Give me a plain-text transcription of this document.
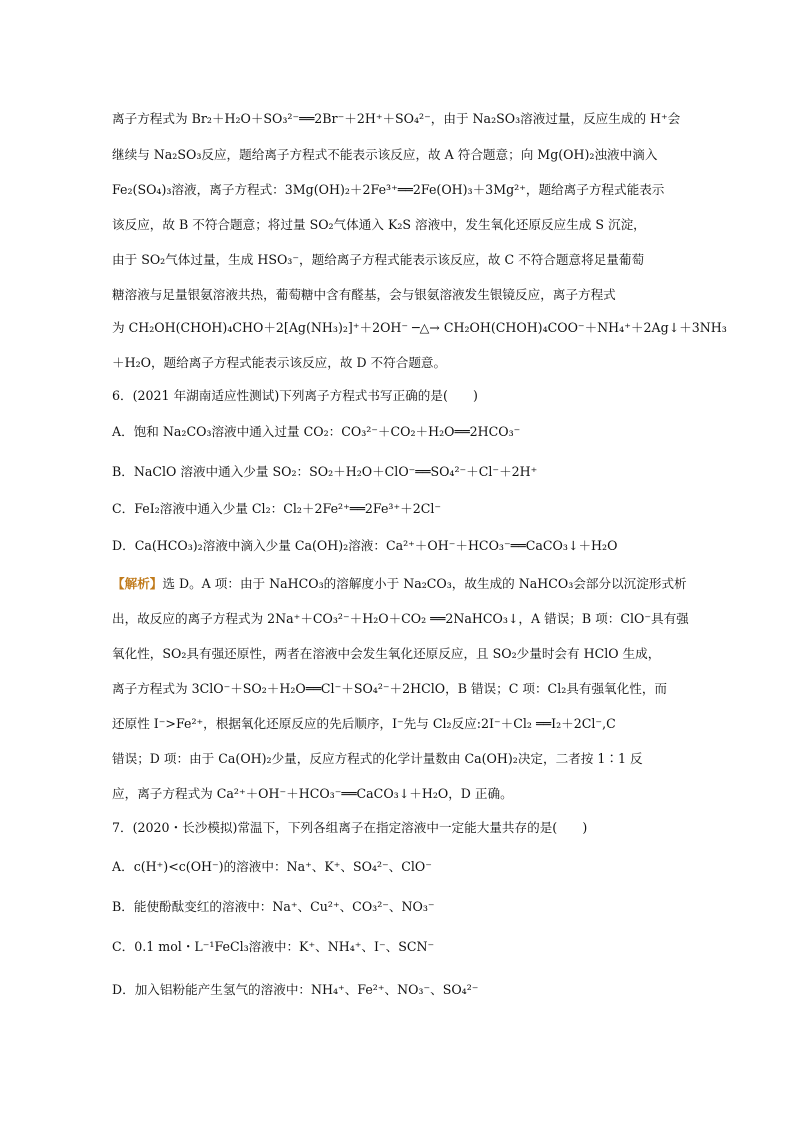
离子方程式为 Br₂＋H₂O＋SO₃²⁻══2Br⁻＋2H⁺＋SO₄²⁻，由于 Na₂SO₃溶液过量，反应生成的 H⁺会
继续与 Na₂SO₃反应，题给离子方程式不能表示该反应，故 A 符合题意；向 Mg(OH)₂浊液中滴入
Fe₂(SO₄)₃溶液，离子方程式：3Mg(OH)₂＋2Fe³⁺══2Fe(OH)₃＋3Mg²⁺，题给离子方程式能表示
该反应，故 B 不符合题意；将过量 SO₂气体通入 K₂S 溶液中，发生氧化还原反应生成 S 沉淀，
由于 SO₂气体过量，生成 HSO₃⁻，题给离子方程式能表示该反应，故 C 不符合题意将足量葡萄
糖溶液与足量银氨溶液共热，葡萄糖中含有醛基，会与银氨溶液发生银镜反应，离子方程式
为 CH₂OH(CHOH)₄CHO＋2[Ag(NH₃)₂]⁺＋2OH⁻ ─△→ CH₂OH(CHOH)₄COO⁻＋NH₄⁺＋2Ag↓＋3NH₃
＋H₂O，题给离子方程式能表示该反应，故 D 不符合题意。
6．(2021 年湖南适应性测试)下列离子方程式书写正确的是(　　)
A．饱和 Na₂CO₃溶液中通入过量 CO₂：CO₃²⁻＋CO₂＋H₂O══2HCO₃⁻
B．NaClO 溶液中通入少量 SO₂：SO₂＋H₂O＋ClO⁻══SO₄²⁻＋Cl⁻＋2H⁺
C．FeI₂溶液中通入少量 Cl₂：Cl₂＋2Fe²⁺══2Fe³⁺＋2Cl⁻
D．Ca(HCO₃)₂溶液中滴入少量 Ca(OH)₂溶液：Ca²⁺＋OH⁻＋HCO₃⁻══CaCO₃↓＋H₂O
【解析】选 D。A 项：由于 NaHCO₃的溶解度小于 Na₂CO₃，故生成的 NaHCO₃会部分以沉淀形式析
出，故反应的离子方程式为 2Na⁺＋CO₃²⁻＋H₂O＋CO₂ ══2NaHCO₃↓，A 错误；B 项：ClO⁻具有强
氧化性，SO₂具有强还原性，两者在溶液中会发生氧化还原反应，且 SO₂少量时会有 HClO 生成，
离子方程式为 3ClO⁻＋SO₂＋H₂O══Cl⁻＋SO₄²⁻＋2HClO，B 错误；C 项：Cl₂具有强氧化性，而
还原性 I⁻>Fe²⁺，根据氧化还原反应的先后顺序，I⁻先与 Cl₂反应:2I⁻＋Cl₂ ══I₂＋2Cl⁻,C
错误；D 项：由于 Ca(OH)₂少量，反应方程式的化学计量数由 Ca(OH)₂决定，二者按 1∶1 反
应，离子方程式为 Ca²⁺＋OH⁻＋HCO₃⁻══CaCO₃↓＋H₂O，D 正确。
7．(2020・长沙模拟)常温下，下列各组离子在指定溶液中一定能大量共存的是(　　)
A．c(H⁺)<c(OH⁻)的溶液中：Na⁺、K⁺、SO₄²⁻、ClO⁻
B．能使酚酞变红的溶液中：Na⁺、Cu²⁺、CO₃²⁻、NO₃⁻
C．0.1 mol・L⁻¹FeCl₃溶液中：K⁺、NH₄⁺、I⁻、SCN⁻
D．加入铝粉能产生氢气的溶液中：NH₄⁺、Fe²⁺、NO₃⁻、SO₄²⁻
